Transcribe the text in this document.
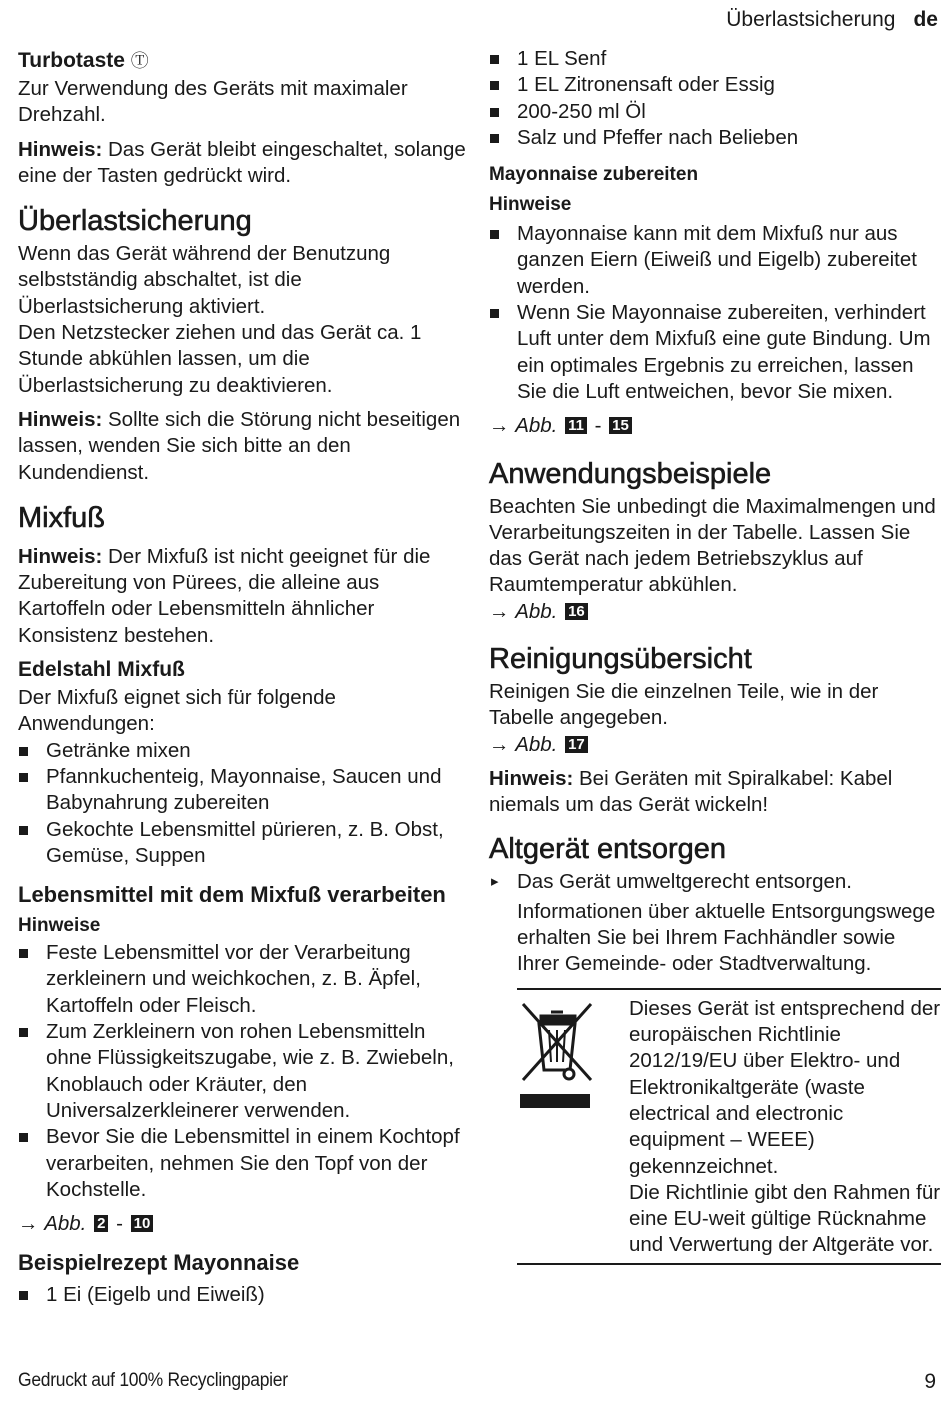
Überlastsicherung de
Turbotaste Ⓣ

Zur Verwendung des Geräts mit maximaler Drehzahl.

Hinweis: Das Gerät bleibt eingeschaltet, solange eine der Tasten gedrückt wird.

Überlastsicherung

Wenn das Gerät während der Benutzung selbstständig abschaltet, ist die Überlastsicherung aktiviert.

Den Netzstecker ziehen und das Gerät ca. 1 Stunde abkühlen lassen, um die Überlastsicherung zu deaktivieren.

Hinweis: Sollte sich die Störung nicht beseitigen lassen, wenden Sie sich bitte an den Kundendienst.

Mixfuß

Hinweis: Der Mixfuß ist nicht geeignet für die Zubereitung von Pürees, die alleine aus Kartoffeln oder Lebensmitteln ähnlicher Konsistenz bestehen.

Edelstahl Mixfuß

Der Mixfuß eignet sich für folgende Anwendungen:

Getränke mixen
Pfannkuchenteig, Mayonnaise, Saucen und Babynahrung zubereiten
Gekochte Lebensmittel pürieren, z. B. Obst, Gemüse, Suppen
Lebensmittel mit dem Mixfuß verarbeiten
Hinweise
Feste Lebensmittel vor der Verarbeitung zerkleinern und weichkochen, z. B. Äpfel, Kartoffeln oder Fleisch.
Zum Zerkleinern von rohen Lebensmitteln ohne Flüssigkeitszugabe, wie z. B. Zwiebeln, Knoblauch oder Kräuter, den Universalzerkleinerer verwenden.
Bevor Sie die Lebensmittel in einem Kochtopf verarbeiten, nehmen Sie den Topf von der Kochstelle.
→ Abb. 2 - 10
Beispielrezept Mayonnaise
1 Ei (Eigelb und Eiweiß)
1 EL Senf
1 EL Zitronensaft oder Essig
200-250 ml Öl
Salz und Pfeffer nach Belieben
Mayonnaise zubereiten
Hinweise
Mayonnaise kann mit dem Mixfuß nur aus ganzen Eiern (Eiweiß und Eigelb) zubereitet werden.
Wenn Sie Mayonnaise zubereiten, verhindert Luft unter dem Mixfuß eine gute Bindung. Um ein optimales Ergebnis zu erreichen, lassen Sie die Luft entweichen, bevor Sie mixen.
→ Abb. 11 - 15
Anwendungsbeispiele

Beachten Sie unbedingt die Maximalmengen und Verarbeitungszeiten in der Tabelle. Lassen Sie das Gerät nach jedem Betriebszyklus auf Raumtemperatur abkühlen.

→ Abb. 16
Reinigungsübersicht

Reinigen Sie die einzelnen Teile, wie in der Tabelle angegeben.

→ Abb. 17

Hinweis: Bei Geräten mit Spiralkabel: Kabel niemals um das Gerät wickeln!

Altgerät entsorgen
▸ Das Gerät umweltgerecht entsorgen.

Informationen über aktuelle Entsorgungswege erhalten Sie bei Ihrem Fachhändler sowie Ihrer Gemeinde- oder Stadtverwaltung.

Dieses Gerät ist entsprechend der europäischen Richtlinie 2012/19/EU über Elektro- und Elektronikaltgeräte (waste electrical and electronic equipment – WEEE) gekennzeichnet.

Die Richtlinie gibt den Rahmen für eine EU-weit gültige Rücknahme und Verwertung der Altgeräte vor.

Gedruckt auf 100% Recyclingpapier	9
